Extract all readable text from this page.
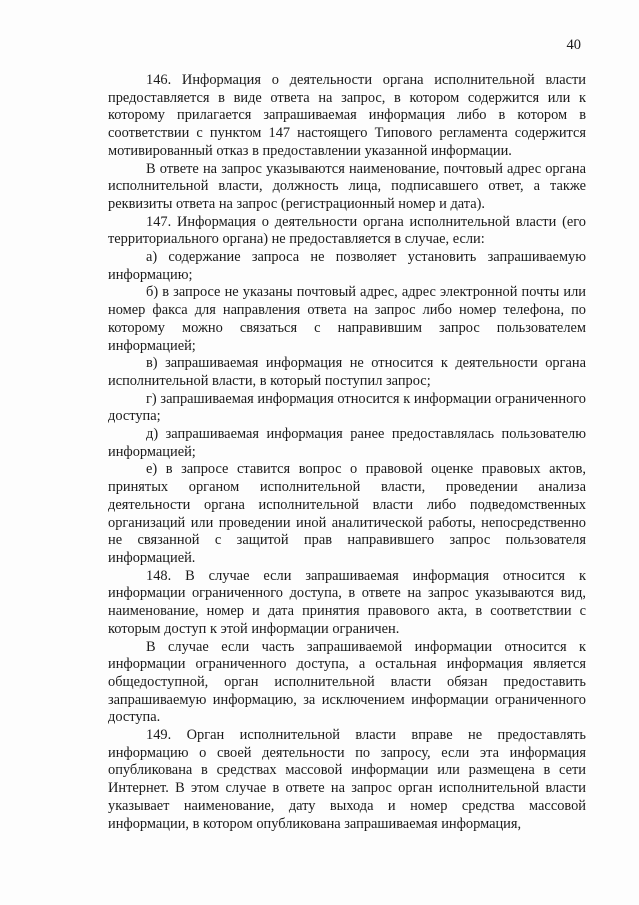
40

146. Информация о деятельности органа исполнительной власти предоставляется в виде ответа на запрос, в котором содержится или к которому прилагается запрашиваемая информация либо в котором в соответствии с пунктом 147 настоящего Типового регламента содержится мотивированный отказ в предоставлении указанной информации.

В ответе на запрос указываются наименование, почтовый адрес органа исполнительной власти, должность лица, подписавшего ответ, а также реквизиты ответа на запрос (регистрационный номер и дата).

147. Информация о деятельности органа исполнительной власти (его территориального органа) не предоставляется в случае, если:

а) содержание запроса не позволяет установить запрашиваемую информацию;

б) в запросе не указаны почтовый адрес, адрес электронной почты или номер факса для направления ответа на запрос либо номер телефона, по которому можно связаться с направившим запрос пользователем информацией;

в) запрашиваемая информация не относится к деятельности органа исполнительной власти, в который поступил запрос;

г) запрашиваемая информация относится к информации ограниченного доступа;

д) запрашиваемая информация ранее предоставлялась пользователю информацией;

е) в запросе ставится вопрос о правовой оценке правовых актов, принятых органом исполнительной власти, проведении анализа деятельности органа исполнительной власти либо подведомственных организаций или проведении иной аналитической работы, непосредственно не связанной с защитой прав направившего запрос пользователя информацией.

148. В случае если запрашиваемая информация относится к информации ограниченного доступа, в ответе на запрос указываются вид, наименование, номер и дата принятия правового акта, в соответствии с которым доступ к этой информации ограничен.

В случае если часть запрашиваемой информации относится к информации ограниченного доступа, а остальная информация является общедоступной, орган исполнительной власти обязан предоставить запрашиваемую информацию, за исключением информации ограниченного доступа.

149. Орган исполнительной власти вправе не предоставлять информацию о своей деятельности по запросу, если эта информация опубликована в средствах массовой информации или размещена в сети Интернет. В этом случае в ответе на запрос орган исполнительной власти указывает наименование, дату выхода и номер средства массовой информации, в котором опубликована запрашиваемая информация,
